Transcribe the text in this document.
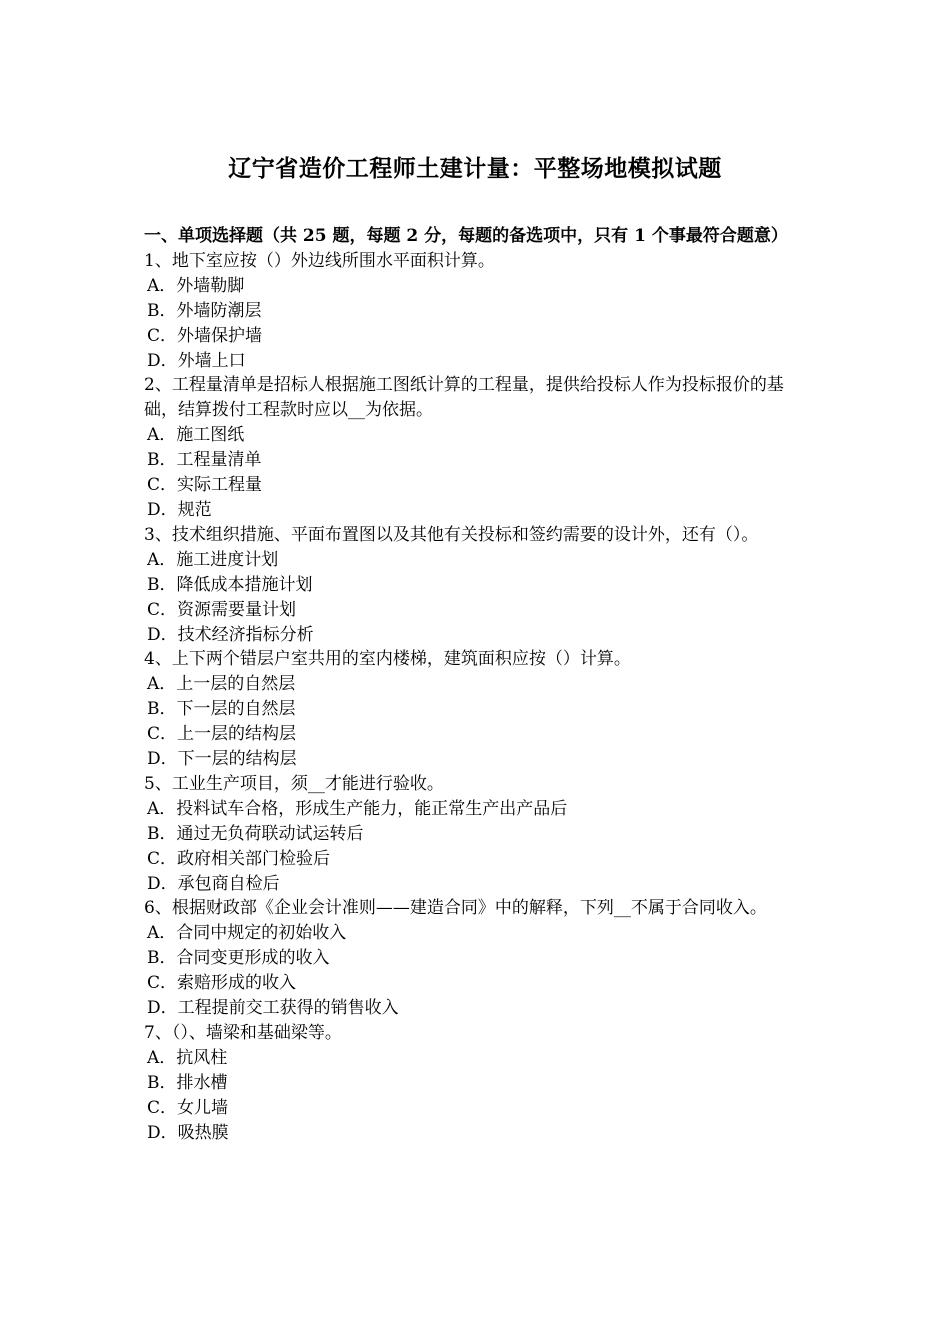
辽宁省造价工程师土建计量：平整场地模拟试题

一、单项选择题（共 25 题，每题 2 分，每题的备选项中，只有 1 个事最符合题意）

1、地下室应按（）外边线所围水平面积计算。

A．外墙勒脚

B．外墙防潮层

C．外墙保护墙

D．外墙上口

2、工程量清单是招标人根据施工图纸计算的工程量，提供给投标人作为投标报价的基础，结算拨付工程款时应以__为依据。

A．施工图纸

B．工程量清单

C．实际工程量

D．规范

3、技术组织措施、平面布置图以及其他有关投标和签约需要的设计外，还有（）。

A．施工进度计划

B．降低成本措施计划

C．资源需要量计划

D．技术经济指标分析

4、上下两个错层户室共用的室内楼梯，建筑面积应按（）计算。

A．上一层的自然层

B．下一层的自然层

C．上一层的结构层

D．下一层的结构层

5、工业生产项目，须__才能进行验收。

A．投料试车合格，形成生产能力，能正常生产出产品后

B．通过无负荷联动试运转后

C．政府相关部门检验后

D．承包商自检后

6、根据财政部《企业会计准则——建造合同》中的解释，下列__不属于合同收入。

A．合同中规定的初始收入

B．合同变更形成的收入

C．索赔形成的收入

D．工程提前交工获得的销售收入

7、（）、墙梁和基础梁等。

A．抗风柱

B．排水槽

C．女儿墙

D．吸热膜
